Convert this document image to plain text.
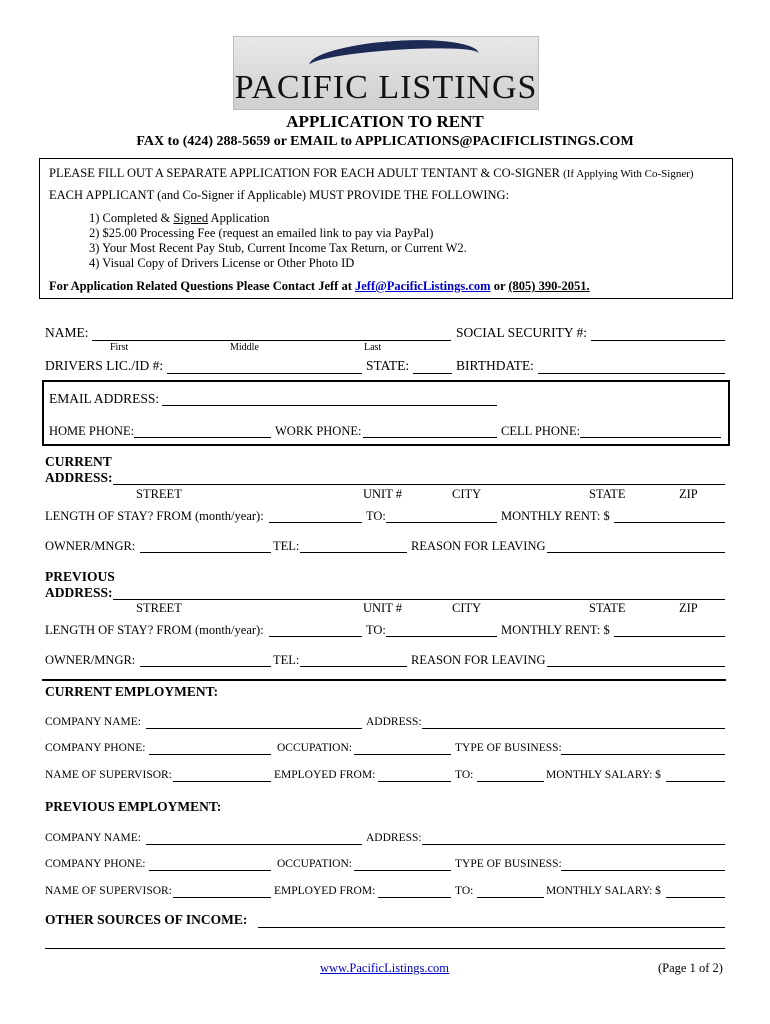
PACIFIC LISTINGS
APPLICATION TO RENT
FAX to (424) 288-5659 or EMAIL to APPLICATIONS@PACIFICLISTINGS.COM
PLEASE FILL OUT A SEPARATE APPLICATION FOR EACH ADULT TENTANT & CO-SIGNER (If Applying With Co-Signer)
EACH APPLICANT (and Co-Signer if Applicable) MUST PROVIDE THE FOLLOWING:
1) Completed & Signed Application
2) $25.00 Processing Fee (request an emailed link to pay via PayPal)
3) Your Most Recent Pay Stub, Current Income Tax Return, or Current W2.
4) Visual Copy of Drivers License or Other Photo ID
For Application Related Questions Please Contact Jeff at Jeff@PacificListings.com or (805) 390-2051.
NAME:	SOCIAL SECURITY #:
First	Middle	Last
DRIVERS LIC./ID #:	STATE:	BIRTHDATE:
EMAIL ADDRESS:
HOME PHONE:	WORK PHONE:	CELL PHONE:
CURRENT
ADDRESS:
STREET	UNIT #	CITY	STATE	ZIP
LENGTH OF STAY? FROM (month/year):	TO:	MONTHLY RENT: $
OWNER/MNGR:	TEL:	REASON FOR LEAVING
PREVIOUS
ADDRESS:
STREET	UNIT #	CITY	STATE	ZIP
LENGTH OF STAY? FROM (month/year):	TO:	MONTHLY RENT: $
OWNER/MNGR:	TEL:	REASON FOR LEAVING
CURRENT EMPLOYMENT:
COMPANY NAME:	ADDRESS:
COMPANY PHONE:	OCCUPATION:	TYPE OF BUSINESS:
NAME OF SUPERVISOR:	EMPLOYED FROM:	TO:	MONTHLY SALARY: $
PREVIOUS EMPLOYMENT:
COMPANY NAME:	ADDRESS:
COMPANY PHONE:	OCCUPATION:	TYPE OF BUSINESS:
NAME OF SUPERVISOR:	EMPLOYED FROM:	TO:	MONTHLY SALARY: $
OTHER SOURCES OF INCOME:
www.PacificListings.com	(Page 1 of 2)
